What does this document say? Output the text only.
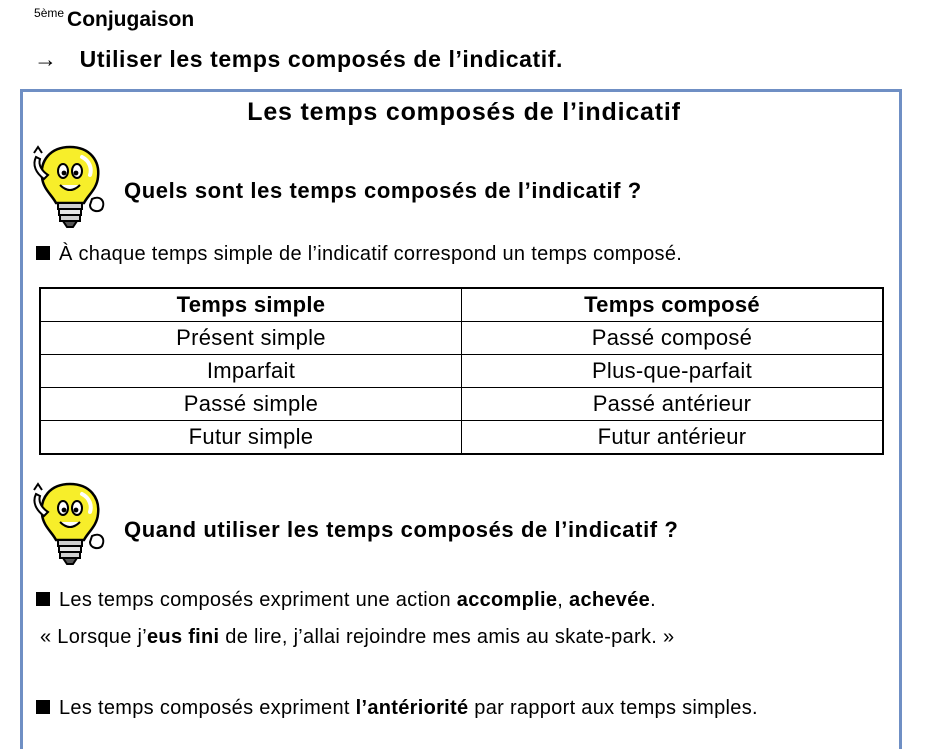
$^{5ème}$ Conjugaison
→ Utiliser les temps composés de l’indicatif.
Les temps composés de l’indicatif
Quels sont les temps composés de l’indicatif ?
À chaque temps simple de l’indicatif correspond un temps composé.
Temps simple	Temps composé
Présent simple	Passé composé
Imparfait	Plus-que-parfait
Passé simple	Passé antérieur
Futur simple	Futur antérieur
Quand utiliser les temps composés de l’indicatif ?
Les temps composés expriment une action accomplie, achevée.
« Lorsque j’eus fini de lire, j’allai rejoindre mes amis au skate-park. »
Les temps composés expriment l’antériorité par rapport aux temps simples.
